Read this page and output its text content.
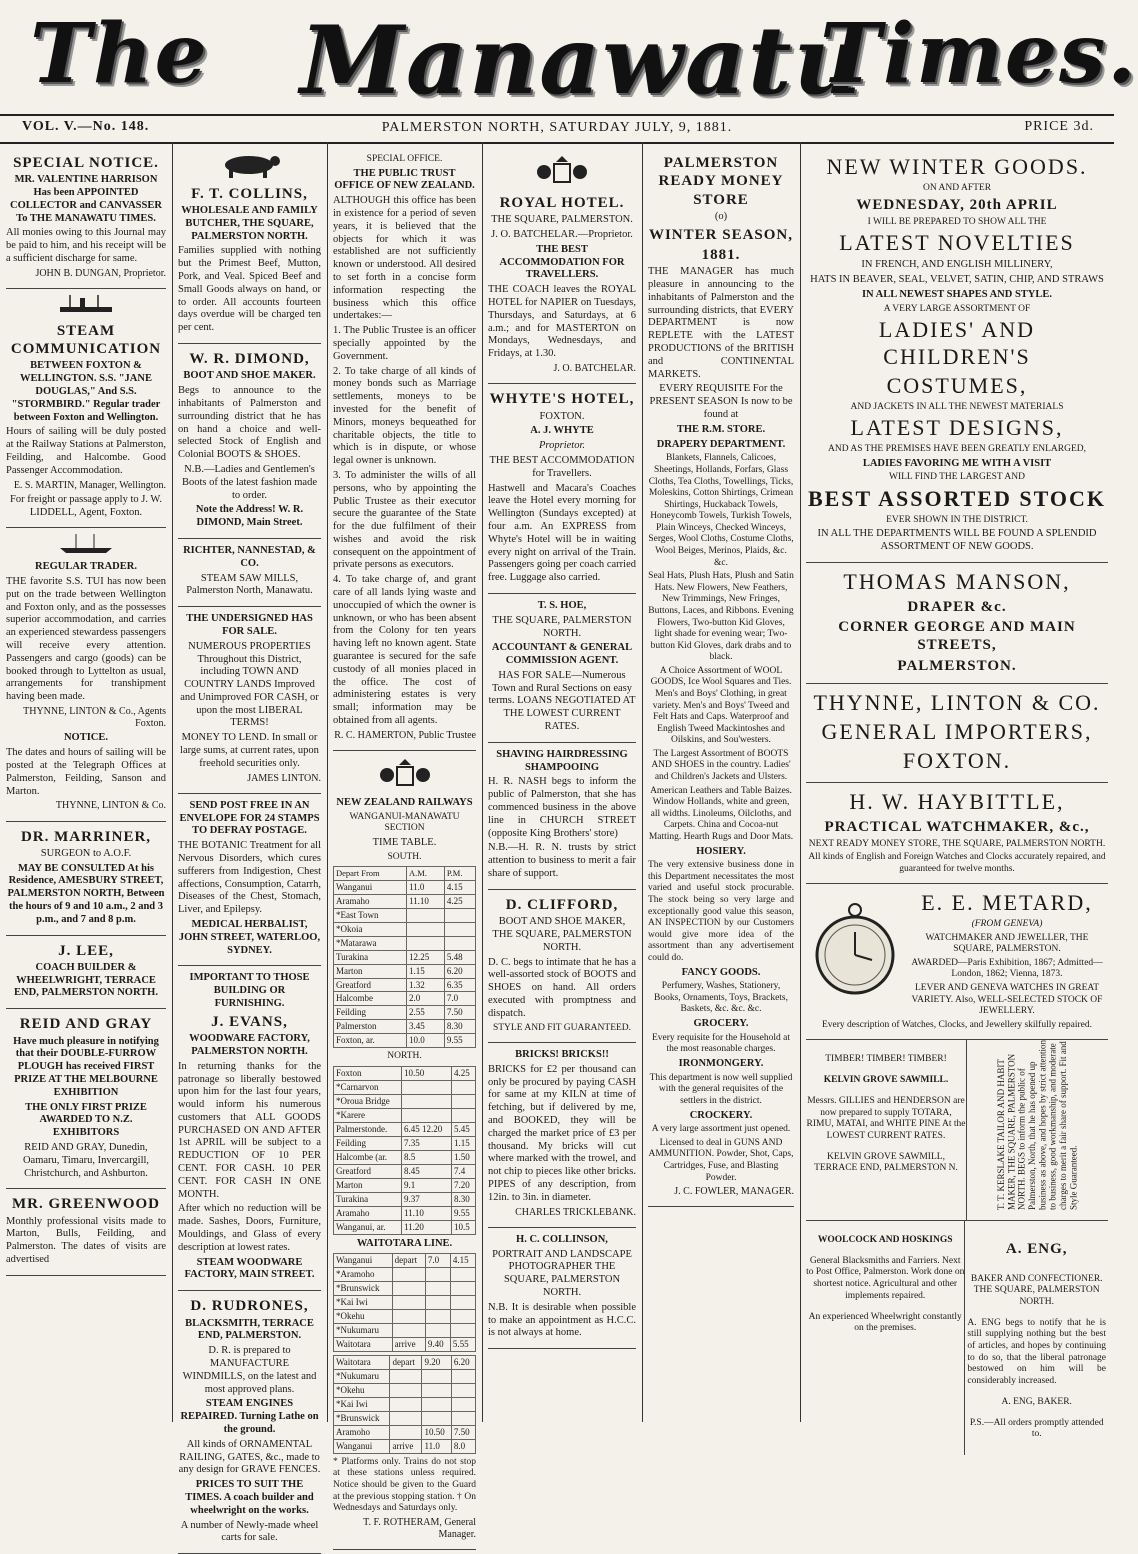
The Manawatu
Times.
VOL. V.—No. 148.	PALMERSTON NORTH, SATURDAY JULY, 9, 1881.	PRICE 3d.

SPECIAL NOTICE.

MR. VALENTINE HARRISON Has been APPOINTED COLLECTOR and CANVASSER To THE MANAWATU TIMES.

All monies owing to this Journal may be paid to him, and his receipt will be a sufficient discharge for same.

JOHN B. DUNGAN, Proprietor.

STEAM COMMUNICATION

BETWEEN FOXTON & WELLINGTON. S.S. "JANE DOUGLAS," And S.S. "STORMBIRD." Regular trader between Foxton and Wellington.

Hours of sailing will be duly posted at the Railway Stations at Palmerston, Feilding, and Halcombe. Good Passenger Accommodation.

E. S. MARTIN, Manager, Wellington.

For freight or passage apply to J. W. LIDDELL, Agent, Foxton.

REGULAR TRADER.

THE favorite S.S. TUI has now been put on the trade between Wellington and Foxton only, and as the possesses superior accommodation, and carries an experienced stewardess passengers will receive every attention. Passengers and cargo (goods) can be booked through to Lyttelton as usual, arrangements for transhipment having been made.

THYNNE, LINTON & Co., Agents Foxton.

NOTICE.

The dates and hours of sailing will be posted at the Telegraph Offices at Palmerston, Feilding, Sanson and Marton.

THYNNE, LINTON & Co.

DR. MARRINER,

SURGEON to A.O.F.

MAY BE CONSULTED At his Residence, AMESBURY STREET, PALMERSTON NORTH, Between the hours of 9 and 10 a.m., 2 and 3 p.m., and 7 and 8 p.m.

J. LEE,

COACH BUILDER & WHEELWRIGHT, TERRACE END, PALMERSTON NORTH.

REID AND GRAY

Have much pleasure in notifying that their DOUBLE-FURROW PLOUGH has received FIRST PRIZE AT THE MELBOURNE EXHIBITION

THE ONLY FIRST PRIZE AWARDED TO N.Z. EXHIBITORS

REID AND GRAY, Dunedin, Oamaru, Timaru, Invercargill, Christchurch, and Ashburton.

MR. GREENWOOD

Monthly professional visits made to Marton, Bulls, Feilding, and Palmerston. The dates of visits are advertised

F. T. COLLINS,

WHOLESALE AND FAMILY BUTCHER, THE SQUARE, PALMERSTON NORTH.

Families supplied with nothing but the Primest Beef, Mutton, Pork, and Veal. Spiced Beef and Small Goods always on hand, or to order. All accounts fourteen days overdue will be charged ten per cent.

W. R. DIMOND,

BOOT AND SHOE MAKER.

Begs to announce to the inhabitants of Palmerston and surrounding district that he has on hand a choice and well-selected Stock of English and Colonial BOOTS & SHOES.

N.B.—Ladies and Gentlemen's Boots of the latest fashion made to order.

Note the Address! W. R. DIMOND, Main Street.

RICHTER, NANNESTAD, & CO.

STEAM SAW MILLS, Palmerston North, Manawatu.

THE UNDERSIGNED HAS FOR SALE.

NUMEROUS PROPERTIES Throughout this District, including TOWN AND COUNTRY LANDS Improved and Unimproved FOR CASH, or upon the most LIBERAL TERMS!

MONEY TO LEND. In small or large sums, at current rates, upon freehold securities only.

JAMES LINTON.

SEND POST FREE IN AN ENVELOPE FOR 24 STAMPS TO DEFRAY POSTAGE.

THE BOTANIC Treatment for all Nervous Disorders, which cures sufferers from Indigestion, Chest affections, Consumption, Catarrh, Diseases of the Chest, Stomach, Liver, and Epilepsy.

MEDICAL HERBALIST, JOHN STREET, WATERLOO, SYDNEY.

IMPORTANT TO THOSE BUILDING OR FURNISHING.

J. EVANS,

WOODWARE FACTORY, PALMERSTON NORTH.

In returning thanks for the patronage so liberally bestowed upon him for the last four years, would inform his numerous customers that ALL GOODS PURCHASED ON AND AFTER 1st APRIL will be subject to a REDUCTION OF 10 PER CENT. FOR CASH. 10 PER CENT. FOR CASH IN ONE MONTH.

After which no reduction will be made. Sashes, Doors, Furniture, Mouldings, and Glass of every description at lowest rates.

STEAM WOODWARE FACTORY, MAIN STREET.

D. RUDRONES,

BLACKSMITH, TERRACE END, PALMERSTON.

D. R. is prepared to MANUFACTURE WINDMILLS, on the latest and most approved plans.

STEAM ENGINES REPAIRED. Turning Lathe on the ground.

All kinds of ORNAMENTAL RAILING, GATES, &c., made to any design for GRAVE FENCES.

PRICES TO SUIT THE TIMES. A coach builder and wheelwright on the works.

A number of Newly-made wheel carts for sale.

SPECIAL OFFICE.

THE PUBLIC TRUST OFFICE OF NEW ZEALAND.

ALTHOUGH this office has been in existence for a period of seven years, it is believed that the objects for which it was established are not sufficiently known or understood. All desired to set forth in a concise form information respecting the business which this office undertakes:—

1. The Public Trustee is an officer specially appointed by the Government.

2. To take charge of all kinds of money bonds such as Marriage settlements, moneys to be invested for the benefit of Minors, moneys bequeathed for charitable objects, the title to which is in dispute, or whose legal owner is unknown.

3. To administer the wills of all persons, who by appointing the Public Trustee as their executor secure the guarantee of the State for the due fulfilment of their wishes and avoid the risk consequent on the appointment of private persons as executors.

4. To take charge of, and grant care of all lands lying waste and unoccupied of which the owner is unknown, or who has been absent from the Colony for ten years having left no known agent. State guarantee is secured for the safe custody of all monies placed in the office. The cost of administering estates is very small; information may be obtained from all agents.

R. C. HAMERTON, Public Trustee

NEW ZEALAND RAILWAYS

WANGANUI-MANAWATU SECTION

TIME TABLE.

SOUTH.

Depart From	A.M.	P.M.
Wanganui	11.0	4.15
Aramaho	11.10	4.25
*East Town		
*Okoia		
*Matarawa		
Turakina	12.25	5.48
Marton	1.15	6.20
Greatford	1.32	6.35
Halcombe	2.0	7.0
Feilding	2.55	7.50
Palmerston	3.45	8.30
Foxton, ar.	10.0	9.55

NORTH.

Foxton	10.50	4.25
*Carnarvon		
*Oroua Bridge		
*Karere		
Palmerstonde.	6.45 12.20	5.45
Feilding	7.35	1.15
Halcombe (ar.	8.5	1.50
Greatford	8.45	7.4
Marton	9.1	7.20
Turakina	9.37	8.30
Aramaho	11.10	9.55
Wanganui, ar.	11.20	10.5

WAITOTARA LINE.

Wanganui	depart	7.0	4.15
*Aramoho			
*Brunswick			
*Kai Iwi			
*Okehu			
*Nukumaru			
Waitotara	arrive	9.40	5.55
Waitotara	depart	9.20	6.20
*Nukumaru			
*Okehu			
*Kai Iwi			
*Brunswick			
Aramoho		10.50	7.50
Wanganui	arrive	11.0	8.0

* Platforms only. Trains do not stop at these stations unless required. Notice should be given to the Guard at the previous stopping station. † On Wednesdays and Saturdays only.

T. F. ROTHERAM, General Manager.

ROYAL HOTEL.

THE SQUARE, PALMERSTON.

J. O. BATCHELAR.—Proprietor.

THE BEST ACCOMMODATION FOR TRAVELLERS.

THE COACH leaves the ROYAL HOTEL for NAPIER on Tuesdays, Thursdays, and Saturdays, at 6 a.m.; and for MASTERTON on Mondays, Wednesdays, and Fridays, at 1.30.

J. O. BATCHELAR.

WHYTE'S HOTEL,

FOXTON.

A. J. WHYTE

Proprietor.

THE BEST ACCOMMODATION for Travellers.

Hastwell and Macara's Coaches leave the Hotel every morning for Wellington (Sundays excepted) at four a.m. An EXPRESS from Whyte's Hotel will be in waiting every night on arrival of the Train. Passengers going per coach carried free. Luggage also carried.

T. S. HOE,

THE SQUARE, PALMERSTON NORTH.

ACCOUNTANT & GENERAL COMMISSION AGENT.

HAS FOR SALE—Numerous Town and Rural Sections on easy terms. LOANS NEGOTIATED AT THE LOWEST CURRENT RATES.

SHAVING HAIRDRESSING SHAMPOOING

H. R. NASH begs to inform the public of Palmerston, that she has commenced business in the above line in CHURCH STREET (opposite King Brothers' store)

N.B.—H. R. N. trusts by strict attention to business to merit a fair share of support.

D. CLIFFORD,

BOOT AND SHOE MAKER, THE SQUARE, PALMERSTON NORTH.

D. C. begs to intimate that he has a well-assorted stock of BOOTS and SHOES on hand. All orders executed with promptness and dispatch.

STYLE AND FIT GUARANTEED.

BRICKS! BRICKS!!

BRICKS for £2 per thousand can only be procured by paying CASH for same at my KILN at time of fetching, but if delivered by me, and BOOKED, they will be charged the market price of £3 per thousand. My bricks will cut where marked with the trowel, and not chip to pieces like other bricks. PIPES of any description, from 12in. to 3in. in diameter.

CHARLES TRICKLEBANK.

H. C. COLLINSON,

PORTRAIT AND LANDSCAPE PHOTOGRAPHER THE SQUARE, PALMERSTON NORTH.

N.B. It is desirable when possible to make an appointment as H.C.C. is not always at home.

PALMERSTON READY MONEY STORE

(o)

WINTER SEASON,

1881.

THE MANAGER has much pleasure in announcing to the inhabitants of Palmerston and the surrounding districts, that EVERY DEPARTMENT is now REPLETE with the LATEST PRODUCTIONS of the BRITISH and CONTINENTAL MARKETS.

EVERY REQUISITE For the PRESENT SEASON Is now to be found at

THE R.M. STORE.

DRAPERY DEPARTMENT.

Blankets, Flannels, Calicoes, Sheetings, Hollands, Forfars, Glass Cloths, Tea Cloths, Towellings, Ticks, Moleskins, Cotton Shirtings, Crimean Shirtings, Huckaback Towels, Honeycomb Towels, Turkish Towels, Plain Winceys, Checked Winceys, Serges, Wool Cloths, Costume Cloths, Wool Beiges, Merinos, Plaids, &c. &c.

Seal Hats, Plush Hats, Plush and Satin Hats. New Flowers, New Feathers, New Trimmings, New Fringes, Buttons, Laces, and Ribbons. Evening Flowers, Two-button Kid Gloves, light shade for evening wear; Two-button Kid Gloves, dark drabs and to black.

A Choice Assortment of WOOL GOODS, Ice Wool Squares and Ties. Men's and Boys' Clothing, in great variety. Men's and Boys' Tweed and Felt Hats and Caps. Waterproof and English Tweed Mackintoshes and Oilskins, and Sou'westers.

The Largest Assortment of BOOTS AND SHOES in the country. Ladies' and Children's Jackets and Ulsters.

American Leathers and Table Baizes. Window Hollands, white and green, all widths. Linoleums, Oilcloths, and Carpets. China and Cocoa-nut Matting. Hearth Rugs and Door Mats.

HOSIERY.

The very extensive business done in this Department necessitates the most varied and useful stock procurable. The stock being so very large and exceptionally good value this season, AN INSPECTION by our Customers would give more idea of the assortment than any advertisement could do.

FANCY GOODS.

Perfumery, Washes, Stationery, Books, Ornaments, Toys, Brackets, Baskets, &c. &c. &c.

GROCERY.

Every requisite for the Household at the most reasonable charges.

IRONMONGERY.

This department is now well supplied with the general requisites of the settlers in the district.

CROCKERY.

A very large assortment just opened.

Licensed to deal in GUNS AND AMMUNITION. Powder, Shot, Caps, Cartridges, Fuse, and Blasting Powder.

J. C. FOWLER, MANAGER.

NEW WINTER GOODS.

ON AND AFTER

WEDNESDAY, 20th APRIL

I WILL BE PREPARED TO SHOW ALL THE

LATEST NOVELTIES

IN FRENCH, AND ENGLISH MILLINERY,

HATS IN BEAVER, SEAL, VELVET, SATIN, CHIP, AND STRAWS

IN ALL NEWEST SHAPES AND STYLE.

A VERY LARGE ASSORTMENT OF

LADIES' AND CHILDREN'S

COSTUMES,

AND JACKETS IN ALL THE NEWEST MATERIALS

LATEST DESIGNS,

AND AS THE PREMISES HAVE BEEN GREATLY ENLARGED,

LADIES FAVORING ME WITH A VISIT

WILL FIND THE LARGEST AND

BEST ASSORTED STOCK

EVER SHOWN IN THE DISTRICT.

IN ALL THE DEPARTMENTS WILL BE FOUND A SPLENDID ASSORTMENT OF NEW GOODS.

THOMAS MANSON,

DRAPER &c.

CORNER GEORGE AND MAIN STREETS,

PALMERSTON.

THYNNE, LINTON & CO.

GENERAL IMPORTERS,

FOXTON.

H. W. HAYBITTLE,

PRACTICAL WATCHMAKER, &c.,

NEXT READY MONEY STORE, THE SQUARE, PALMERSTON NORTH.

All kinds of English and Foreign Watches and Clocks accurately repaired, and guaranteed for twelve months.

E. E. METARD,

(FROM GENEVA)

WATCHMAKER AND JEWELLER, THE SQUARE, PALMERSTON.

AWARDED—Paris Exhibition, 1867; Admitted—London, 1862; Vienna, 1873.

LEVER AND GENEVA WATCHES IN GREAT VARIETY. Also, WELL-SELECTED STOCK OF JEWELLERY.

Every description of Watches, Clocks, and Jewellery skilfully repaired.

TIMBER! TIMBER! TIMBER!

KELVIN GROVE SAWMILL.

Messrs. GILLIES and HENDERSON are now prepared to supply TOTARA, RIMU, MATAI, and WHITE PINE At the LOWEST CURRENT RATES.

KELVIN GROVE SAWMILL, TERRACE END, PALMERSTON N.	T. T. KERSLAKE TAILOR AND HABIT MAKER, THE SQUARE, PALMERSTON NORTH. BEGS to inform the public of Palmerston, North, that he has opened up business as above, and hopes by strict attention to business, good workmanship, and moderate charges to merit a fair share of support. Fit and Style Guaranteed.

WOOLCOCK AND HOSKINGS

General Blacksmiths and Farriers. Next to Post Office, Palmerston. Work done on shortest notice. Agricultural and other implements repaired.

An experienced Wheelwright constantly on the premises.

A. ENG,

BAKER AND CONFECTIONER. THE SQUARE, PALMERSTON NORTH.

A. ENG begs to notify that he is still supplying nothing but the best of articles, and hopes by continuing to do so, that the liberal patronage bestowed on him will be considerably increased.

A. ENG, BAKER.

P.S.—All orders promptly attended to.
